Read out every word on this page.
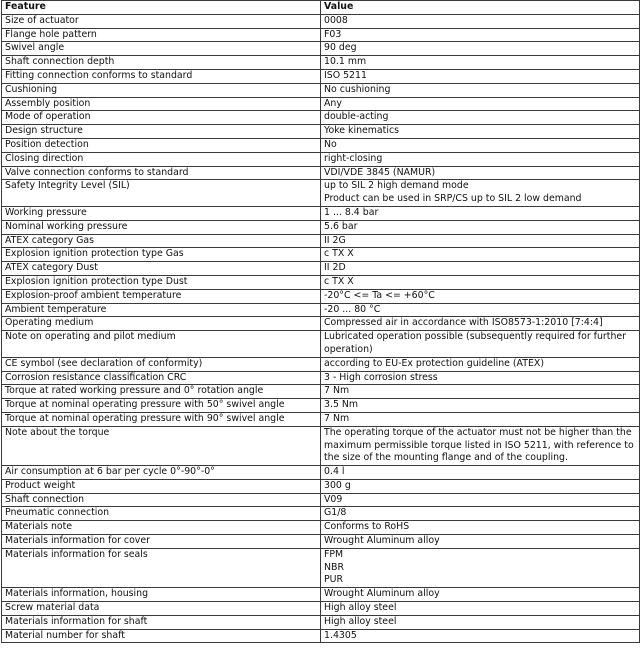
Feature	Value
Size of actuator	0008

Flange hole pattern	F03

Swivel angle	90 deg

Shaft connection depth	10.1 mm

Fitting connection conforms to standard	ISO 5211

Cushioning	No cushioning

Assembly position	Any

Mode of operation	double-acting

Design structure	Yoke kinematics

Position detection	No

Closing direction	right-closing

Valve connection conforms to standard	VDI/VDE 3845 (NAMUR)

Safety Integrity Level (SIL)	up to SIL 2 high demand mode
Product can be used in SRP/CS up to SIL 2 low demand

Working pressure	1 ... 8.4 bar

Nominal working pressure	5.6 bar

ATEX category Gas	II 2G

Explosion ignition protection type Gas	c TX X

ATEX category Dust	II 2D

Explosion ignition protection type Dust	c TX X

Explosion-proof ambient temperature	-20°C <= Ta <= +60°C

Ambient temperature	-20 ... 80 °C

Operating medium	Compressed air in accordance with ISO8573-1:2010 [7:4:4]

Note on operating and pilot medium	Lubricated operation possible (subsequently required for further operation)

CE symbol (see declaration of conformity)	according to EU-Ex protection guideline (ATEX)

Corrosion resistance classification CRC	3 - High corrosion stress

Torque at rated working pressure and 0° rotation angle	7 Nm

Torque at nominal operating pressure with 50° swivel angle	3.5 Nm

Torque at nominal operating pressure with 90° swivel angle	7 Nm

Note about the torque	The operating torque of the actuator must not be higher than the maximum permissible torque listed in ISO 5211, with reference to the size of the mounting flange and of the coupling.

Air consumption at 6 bar per cycle 0°-90°-0°	0.4 l

Product weight	300 g

Shaft connection	V09

Pneumatic connection	G1/8

Materials note	Conforms to RoHS

Materials information for cover	Wrought Aluminum alloy

Materials information for seals	FPM
NBR
PUR

Materials information, housing	Wrought Aluminum alloy

Screw material data	High alloy steel

Materials information for shaft	High alloy steel

Material number for shaft	1.4305
